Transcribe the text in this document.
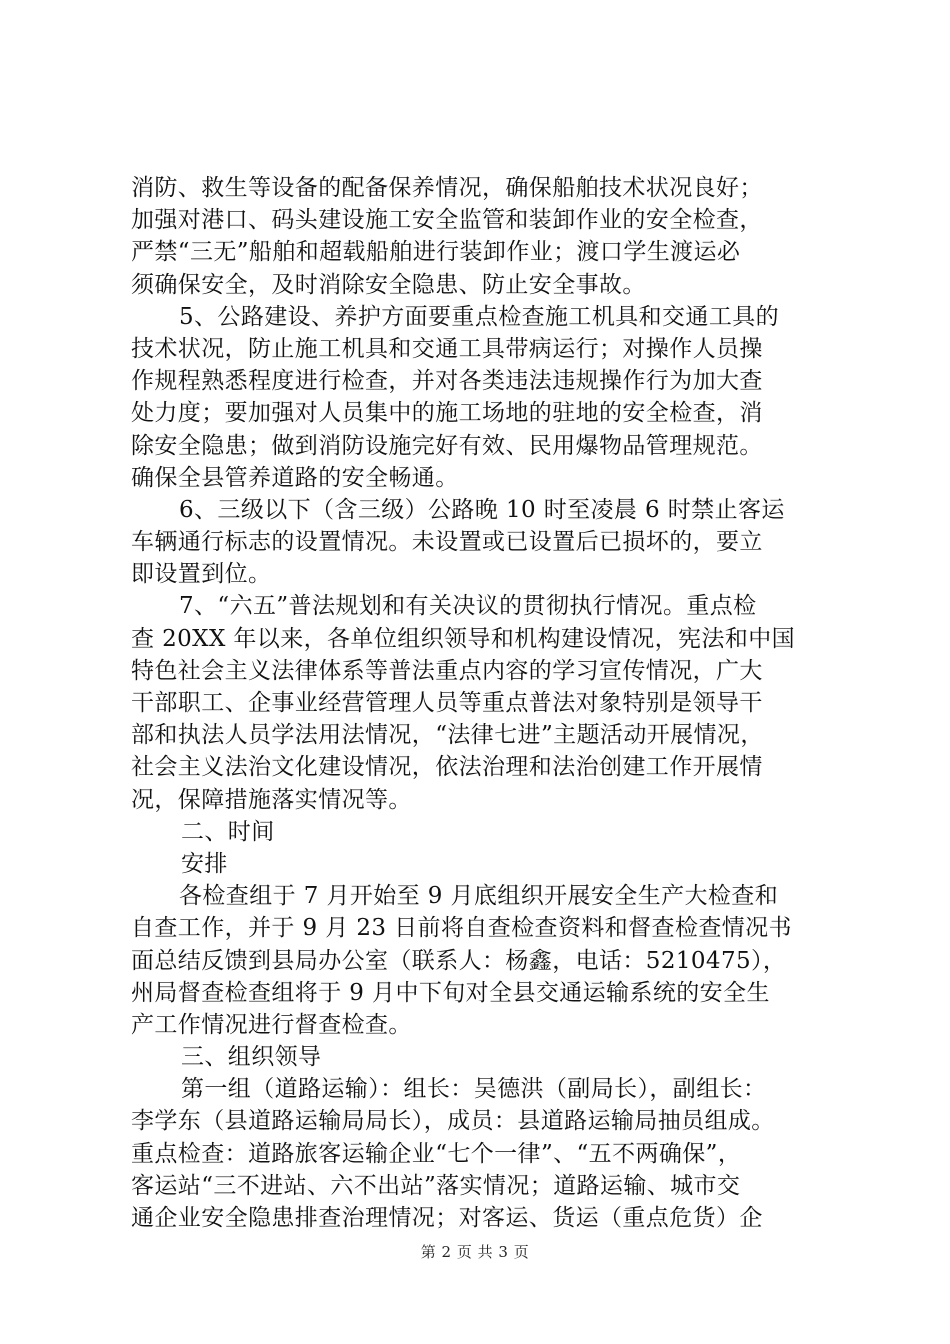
消防、救生等设备的配备保养情况，确保船舶技术状况良好；
加强对港口、码头建设施工安全监管和装卸作业的安全检查，
严禁“三无”船舶和超载船舶进行装卸作业；渡口学生渡运必
须确保安全，及时消除安全隐患、防止安全事故。
5、公路建设、养护方面要重点检查施工机具和交通工具的
技术状况，防止施工机具和交通工具带病运行；对操作人员操
作规程熟悉程度进行检查，并对各类违法违规操作行为加大查
处力度；要加强对人员集中的施工场地的驻地的安全检查，消
除安全隐患；做到消防设施完好有效、民用爆物品管理规范。
确保全县管养道路的安全畅通。
6、三级以下（含三级）公路晚 10 时至凌晨 6 时禁止客运
车辆通行标志的设置情况。未设置或已设置后已损坏的，要立
即设置到位。
7、“六五”普法规划和有关决议的贯彻执行情况。重点检
查 20XX 年以来，各单位组织领导和机构建设情况，宪法和中国
特色社会主义法律体系等普法重点内容的学习宣传情况，广大
干部职工、企事业经营管理人员等重点普法对象特别是领导干
部和执法人员学法用法情况，“法律七进”主题活动开展情况，
社会主义法治文化建设情况，依法治理和法治创建工作开展情
况，保障措施落实情况等。
二、时间
安排
各检查组于 7 月开始至 9 月底组织开展安全生产大检查和
自查工作，并于 9 月 23 日前将自查检查资料和督查检查情况书
面总结反馈到县局办公室（联系人：杨鑫，电话：5210475），
州局督查检查组将于 9 月中下旬对全县交通运输系统的安全生
产工作情况进行督查检查。
三、组织领导
第一组（道路运输）：组长：吴德洪（副局长），副组长：
李学东（县道路运输局局长），成员：县道路运输局抽员组成。
重点检查：道路旅客运输企业“七个一律”、“五不两确保”，
客运站“三不进站、六不出站”落实情况；道路运输、城市交
通企业安全隐患排查治理情况；对客运、货运（重点危货）企
第 2 页 共 3 页
